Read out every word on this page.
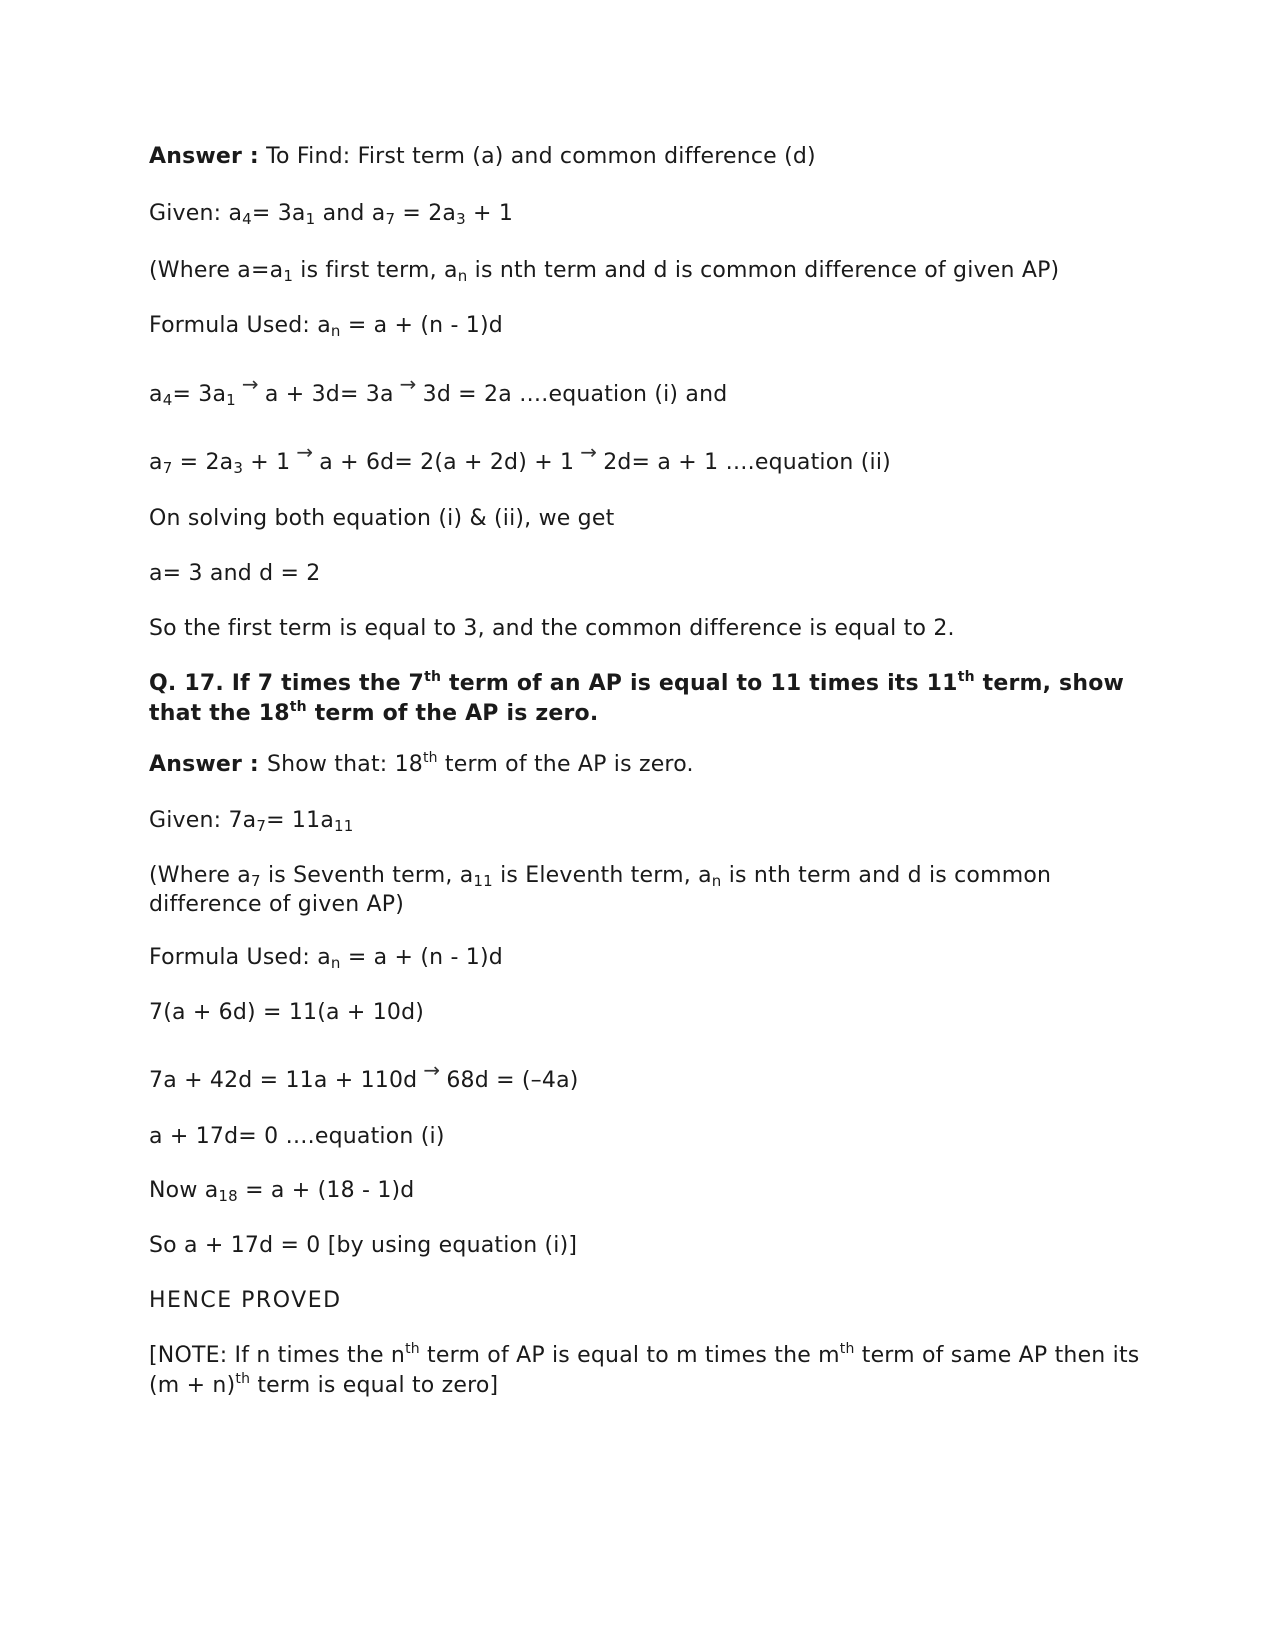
Answer : To Find: First term (a) and common difference (d)
Given: a4= 3a1 and a7 = 2a3 + 1
(Where a=a1 is first term, an is nth term and d is common difference of given AP)
Formula Used: an = a + (n - 1)d
a4= 3a1→ a + 3d= 3a → 3d = 2a ….equation (i) and
a7 = 2a3 + 1 → a + 6d= 2(a + 2d) + 1 → 2d= a + 1 ….equation (ii)
On solving both equation (i) & (ii), we get
a= 3 and d = 2
So the first term is equal to 3, and the common difference is equal to 2.
Q. 17. If 7 times the 7th term of an AP is equal to 11 times its 11th term, show that the 18th term of the AP is zero.
Answer : Show that: 18th term of the AP is zero.
Given: 7a7= 11a11
(Where a7 is Seventh term, a11 is Eleventh term, an is nth term and d is common difference of given AP)
Formula Used: an = a + (n - 1)d
7(a + 6d) = 11(a + 10d)
7a + 42d = 11a + 110d → 68d = (–4a)
a + 17d= 0 ….equation (i)
Now a18 = a + (18 - 1)d
So a + 17d = 0 [by using equation (i)]
HENCE PROVED
[NOTE: If n times the $n^{th}$ term of AP is equal to m times the $m^{th}$ term of same AP then its $(m + n)^{th}$ term is equal to zero]
